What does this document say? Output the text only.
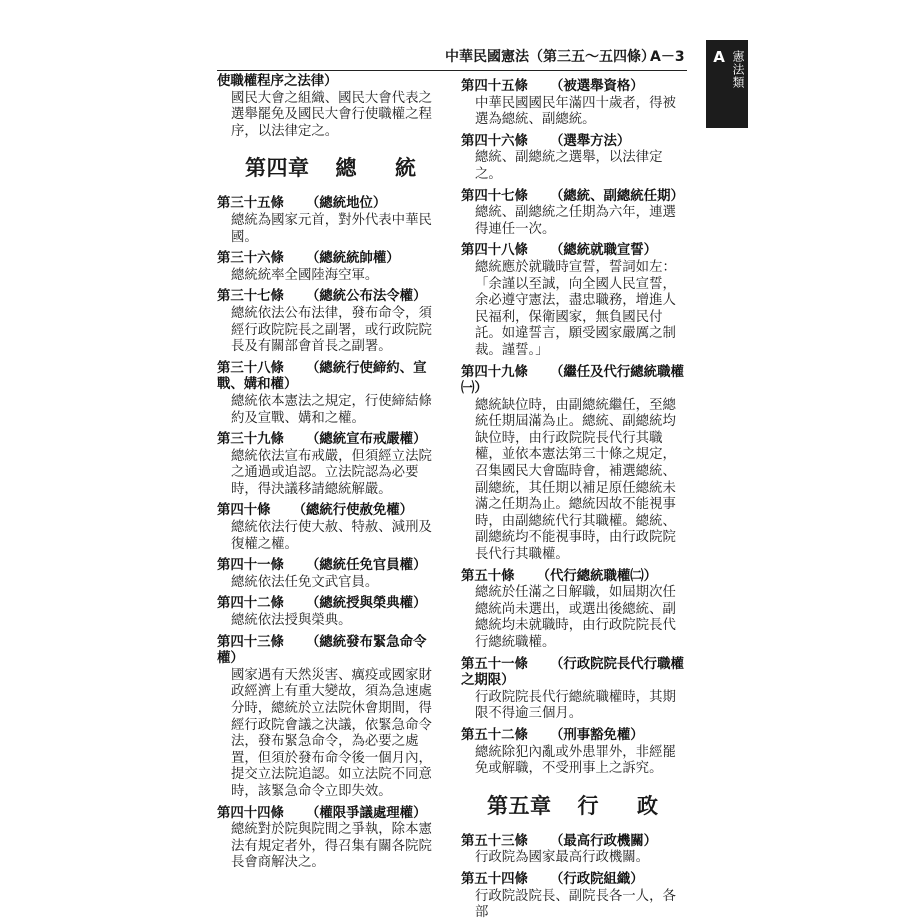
中華民國憲法（第三五～五四條）
A－3	A 憲法類
使職權程序之法律）

國民大會之組織、國民大會代表之選舉罷免及國民大會行使職權之程序，以法律定之。

第四章 總 統
第三十五條 （總統地位）

總統為國家元首，對外代表中華民國。

第三十六條 （總統統帥權）

總統統率全國陸海空軍。

第三十七條 （總統公布法令權）

總統依法公布法律，發布命令，須經行政院院長之副署，或行政院院長及有關部會首長之副署。

第三十八條 （總統行使締約、宣戰、媾和權）

總統依本憲法之規定，行使締結條約及宣戰、媾和之權。

第三十九條 （總統宣布戒嚴權）

總統依法宣布戒嚴，但須經立法院之通過或追認。立法院認為必要時，得決議移請總統解嚴。

第四十條 （總統行使赦免權）

總統依法行使大赦、特赦、減刑及復權之權。

第四十一條 （總統任免官員權）

總統依法任免文武官員。

第四十二條 （總統授與榮典權）

總統依法授與榮典。

第四十三條 （總統發布緊急命令權）

國家遇有天然災害、癘疫或國家財政經濟上有重大變故，須為急速處分時，總統於立法院休會期間，得經行政院會議之決議，依緊急命令法，發布緊急命令，為必要之處置，但須於發布命令後一個月內，提交立法院追認。如立法院不同意時，該緊急命令立即失效。

第四十四條 （權限爭議處理權）

總統對於院與院間之爭執，除本憲法有規定者外，得召集有關各院院長會商解決之。

第四十五條 （被選舉資格）

中華民國國民年滿四十歲者，得被選為總統、副總統。

第四十六條 （選舉方法）

總統、副總統之選舉，以法律定之。

第四十七條 （總統、副總統任期）

總統、副總統之任期為六年，連選得連任一次。

第四十八條 （總統就職宣誓）

總統應於就職時宣誓，誓詞如左：「余謹以至誠，向全國人民宣誓，余必遵守憲法，盡忠職務，增進人民福利，保衛國家，無負國民付託。如違誓言，願受國家嚴厲之制裁。謹誓。」

第四十九條 （繼任及代行總統職權㈠）

總統缺位時，由副總統繼任，至總統任期屆滿為止。總統、副總統均缺位時，由行政院院長代行其職權，並依本憲法第三十條之規定，召集國民大會臨時會，補選總統、副總統，其任期以補足原任總統未滿之任期為止。總統因故不能視事時，由副總統代行其職權。總統、副總統均不能視事時，由行政院院長代行其職權。

第五十條 （代行總統職權㈡）

總統於任滿之日解職，如屆期次任總統尚未選出，或選出後總統、副總統均未就職時，由行政院院長代行總統職權。

第五十一條 （行政院院長代行職權之期限）

行政院院長代行總統職權時，其期限不得逾三個月。

第五十二條 （刑事豁免權）

總統除犯內亂或外患罪外，非經罷免或解職，不受刑事上之訴究。

第五章 行 政
第五十三條 （最高行政機關）

行政院為國家最高行政機關。

第五十四條 （行政院組織）

行政院設院長、副院長各一人，各部
